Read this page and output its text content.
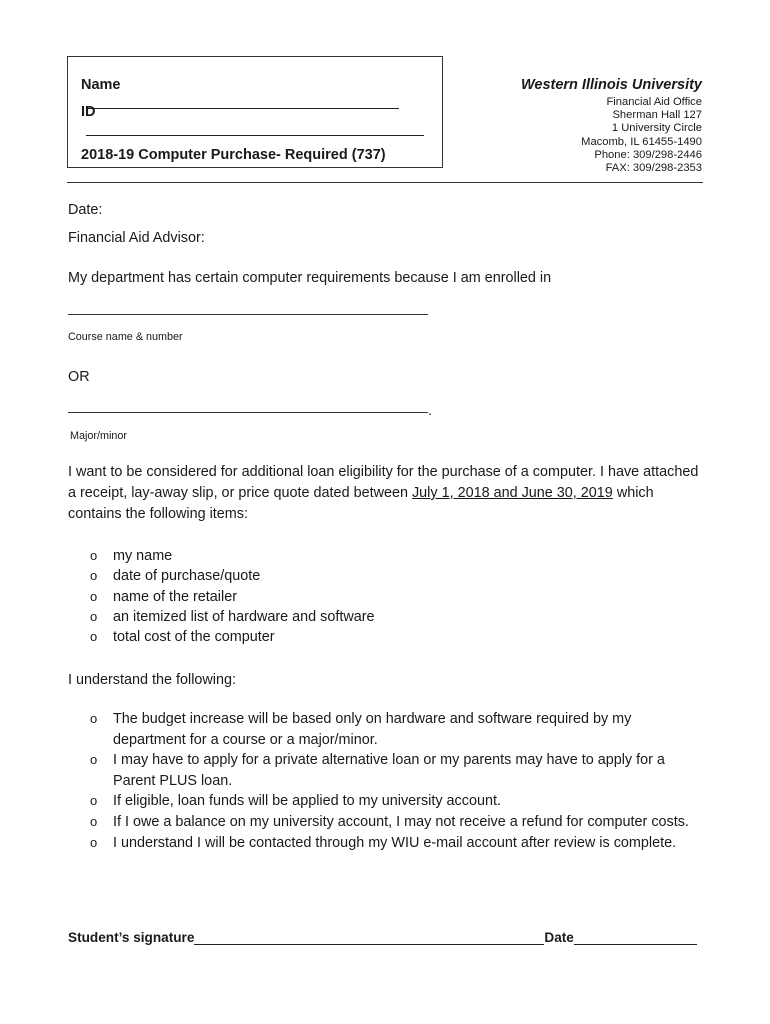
Name
ID
2018-19 Computer Purchase- Required (737)
Western Illinois University
Financial Aid Office
Sherman Hall 127
1 University Circle
Macomb, IL 61455-1490
Phone: 309/298-2446
FAX: 309/298-2353
Date:
Financial Aid Advisor:
My department has certain computer requirements because I am enrolled in
Course name & number
OR
.
Major/minor
I want to be considered for additional loan eligibility for the purchase of a computer. I have attached a receipt, lay-away slip, or price quote dated between July 1, 2018 and June 30, 2019 which contains the following items:
o my name
o date of purchase/quote
o name of the retailer
o an itemized list of hardware and software
o total cost of the computer
I understand the following:
o The budget increase will be based only on hardware and software required by my department for a course or a major/minor.
o I may have to apply for a private alternative loan or my parents may have to apply for a Parent PLUS loan.
o If eligible, loan funds will be applied to my university account.
o If I owe a balance on my university account, I may not receive a refund for computer costs.
o I understand I will be contacted through my WIU e-mail account after review is complete.
Student’s signature	Date
